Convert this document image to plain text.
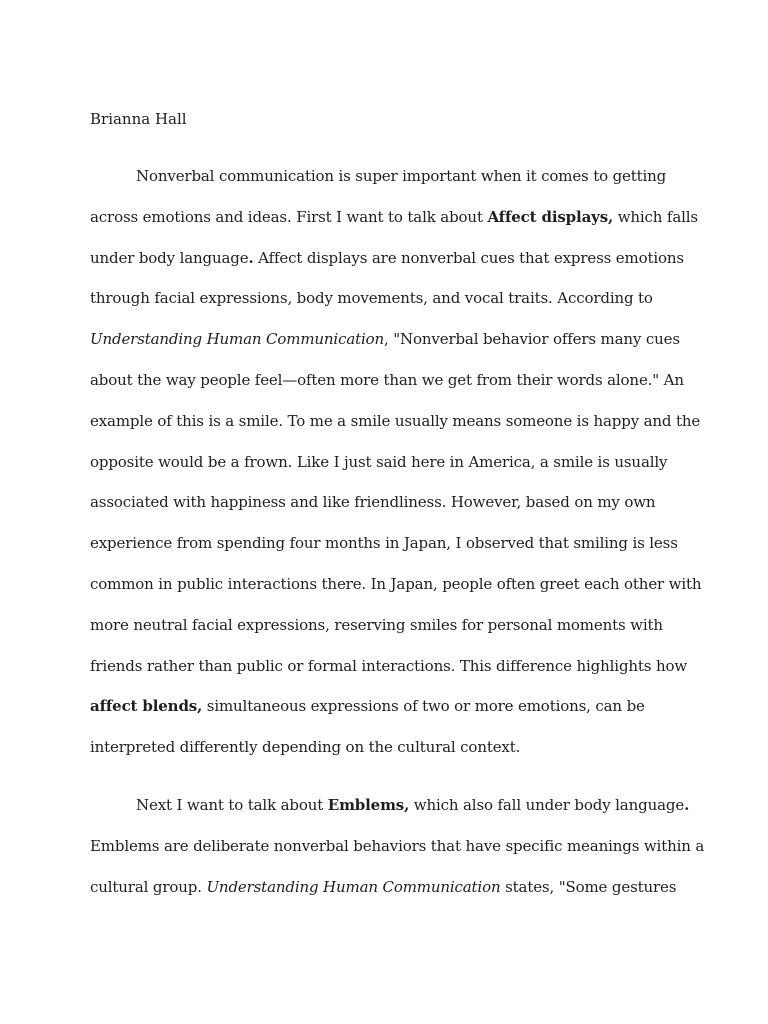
Brianna Hall
Nonverbal communication is super important when it comes to getting
across emotions and ideas. First I want to talk about Affect displays, which falls
under body language. Affect displays are nonverbal cues that express emotions
through facial expressions, body movements, and vocal traits. According to
Understanding Human Communication, "Nonverbal behavior offers many cues
about the way people feel—often more than we get from their words alone." An
example of this is a smile. To me a smile usually means someone is happy and the
opposite would be a frown. Like I just said here in America, a smile is usually
associated with happiness and like friendliness. However, based on my own
experience from spending four months in Japan, I observed that smiling is less
common in public interactions there. In Japan, people often greet each other with
more neutral facial expressions, reserving smiles for personal moments with
friends rather than public or formal interactions. This difference highlights how
affect blends, simultaneous expressions of two or more emotions, can be
interpreted differently depending on the cultural context.
Next I want to talk about Emblems, which also fall under body language.
Emblems are deliberate nonverbal behaviors that have specific meanings within a
cultural group. Understanding Human Communication states, "Some gestures
